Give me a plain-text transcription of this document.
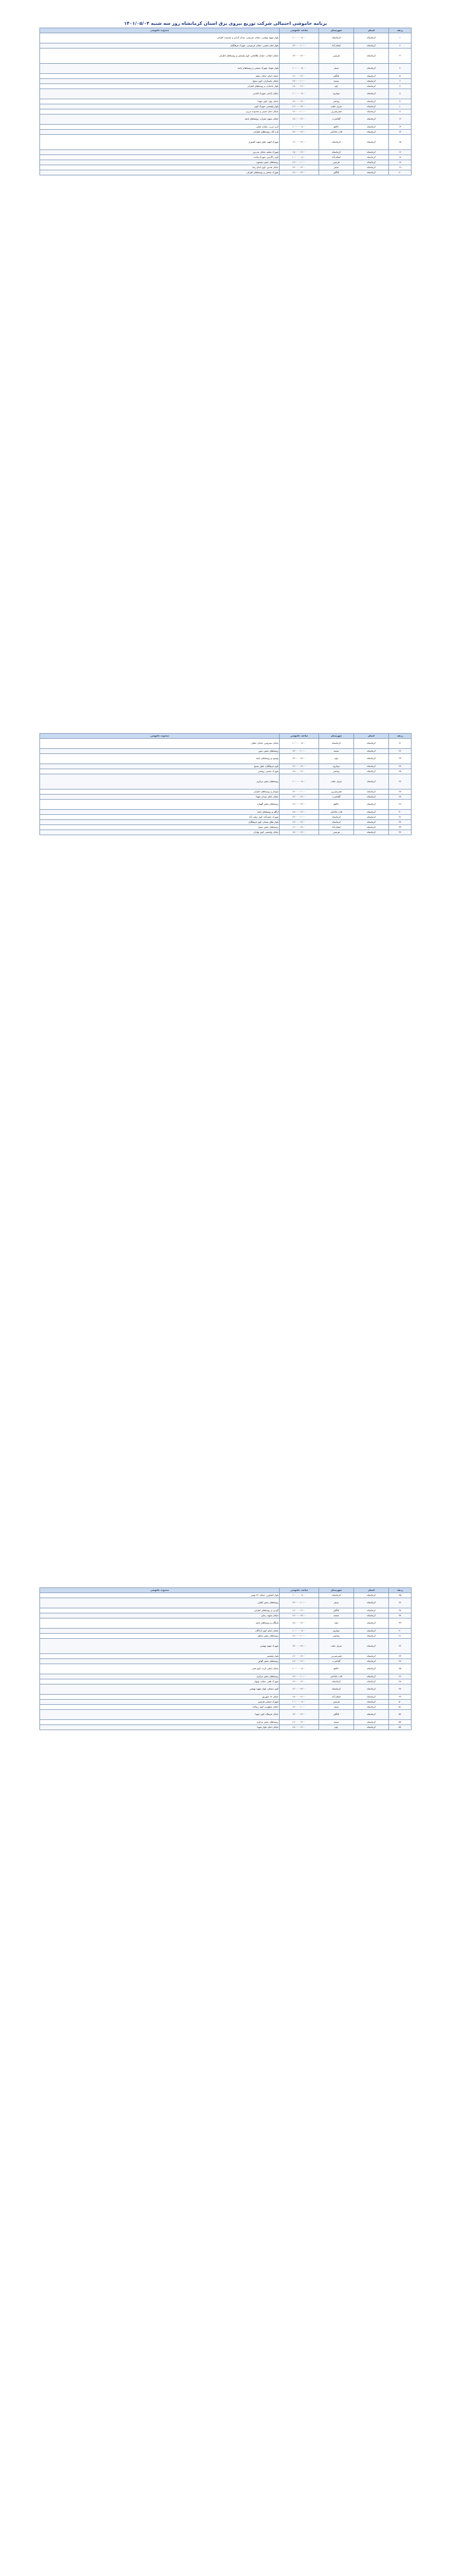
برنامه خاموشی احتمالی شرکت توزیع نیروی برق استان کرمانشاه روز سه شنبه ۱۴۰۱/۰۵/۰۴
ردیف	استان	شهرستان	ساعت خاموشی	محدوده خاموشی
۱	کرمانشاه	کرمانشاه	۰۸:۰۰ - ۱۰:۰۰	بلوار شهید بهشتی، خیابان شریعتی، میدان آزادی و محدوده اطراف
۲	کرمانشاه	اسلام آباد	۱۰:۰۰ - ۱۲:۰۰	بلوار امام خمینی، خیابان فردوسی، شهرک فرهنگیان
۳	کرمانشاه	هرسین	۱۲:۰۰ - ۱۴:۰۰	خیابان انقلاب، خیابان طالقانی، کوی ولیعصر و روستاهای اطراف
۴	کرمانشاه	سنقر	۰۸:۰۰ - ۱۰:۰۰	بلوار شهدا، شهرک صنعتی و روستاهای تابعه
۵	کرمانشاه	کنگاور	۱۴:۰۰ - ۱۶:۰۰	خیابان امام، خیابان معلم
۶	کرمانشاه	صحنه	۱۰:۰۰ - ۱۲:۰۰	خیابان پاسداران، کوی بسیج
۷	کرمانشاه	پاوه	۱۶:۰۰ - ۱۸:۰۰	بلوار جانبازان و روستاهای اطراف
۸	کرمانشاه	جوانرود	۰۸:۰۰ - ۱۰:۰۰	خیابان آزادی، شهرک الغدیر
۹	کرمانشاه	روانسر	۱۲:۰۰ - ۱۴:۰۰	خیابان بهار، کوی شهدا
۱۰	کرمانشاه	سرپل ذهاب	۱۴:۰۰ - ۱۶:۰۰	بلوار ولیعصر، شهرک کوثر
۱۱	کرمانشاه	قصرشیرین	۱۰:۰۰ - ۱۲:۰۰	خیابان امام خمینی و محدوده مرزی
۱۲	کرمانشاه	گیلانغرب	۱۶:۰۰ - ۱۸:۰۰	خیابان شهید چمران، روستاهای تابعه
۱۳	کرمانشاه	دالاهو	۰۸:۰۰ - ۱۰:۰۰	کرند غرب، خیابان اصلی
۱۴	کرمانشاه	ثلاث باباجانی	۱۲:۰۰ - ۱۴:۰۰	تازه آباد، روستاهای اطراف
۱۵	کرمانشاه	کرمانشاه	۱۴:۰۰ - ۱۶:۰۰	شهرک الهیه، بلوار شهید کشوری
۱۶	کرمانشاه	کرمانشاه	۱۶:۰۰ - ۱۸:۰۰	شهرک معلم، خیابان مدرس
۱۷	کرمانشاه	اسلام آباد	۰۸:۰۰ - ۱۰:۰۰	کوی زاگرس، شهرک ولایت
۱۸	کرمانشاه	هرسین	۱۰:۰۰ - ۱۲:۰۰	روستاهای بخش بیستون
۱۹	کرمانشاه	سنقر	۱۲:۰۰ - ۱۴:۰۰	خیابان قدس، کوی امام رضا
۲۰	کرمانشاه	کنگاور	۱۴:۰۰ - ۱۶:۰۰	شهرک صنعتی و روستاهای اطراف
ردیف	استان	شهرستان	ساعت خاموشی	محدوده خاموشی
۲۱	کرمانشاه	کرمانشاه	۰۸:۰۰ - ۱۰:۰۰	خیابان سیروس، خیابان جلیلی
۲۲	کرمانشاه	صحنه	۱۰:۰۰ - ۱۲:۰۰	روستاهای بخش دینور
۲۳	کرمانشاه	پاوه	۱۲:۰۰ - ۱۴:۰۰	نوسود و روستاهای تابعه
۲۴	کرمانشاه	جوانرود	۱۴:۰۰ - ۱۶:۰۰	کوی فرهنگیان، بلوار بسیج
۲۵	کرمانشاه	روانسر	۱۶:۰۰ - ۱۸:۰۰	شهرک صنعتی روانسر
۲۶	کرمانشاه	سرپل ذهاب	۰۸:۰۰ - ۱۰:۰۰	روستاهای بخش مرکزی
۲۷	کرمانشاه	قصرشیرین	۱۰:۰۰ - ۱۲:۰۰	سومار و روستاهای اطراف
۲۸	کرمانشاه	گیلانغرب	۱۲:۰۰ - ۱۴:۰۰	خیابان امام، میدان شهدا
۲۹	کرمانشاه	دالاهو	۱۴:۰۰ - ۱۶:۰۰	روستاهای بخش گهواره
۳۰	کرمانشاه	ثلاث باباجانی	۱۶:۰۰ - ۱۸:۰۰	ازگله و روستاهای تابعه
۳۱	کرمانشاه	کرمانشاه	۱۰:۰۰ - ۱۲:۰۰	شهرک جعفرآباد، کوی دولت آباد
۳۲	کرمانشاه	کرمانشاه	۱۲:۰۰ - ۱۴:۰۰	بلوار طاق بستان، کوی فرهنگیان
۳۳	کرمانشاه	اسلام آباد	۱۴:۰۰ - ۱۶:۰۰	روستاهای بخش حمیل
۳۴	کرمانشاه	هرسین	۱۶:۰۰ - ۱۸:۰۰	خیابان ولیعصر، کوی بهاران
ردیف	استان	شهرستان	ساعت خاموشی	محدوده خاموشی
۳۵	کرمانشاه	کرمانشاه	۰۸:۰۰ - ۱۰:۰۰	بلوار کشاورز، خیابان ۲۲ بهمن
۳۶	کرمانشاه	سنقر	۱۰:۰۰ - ۱۲:۰۰	روستاهای بخش کلیایی
۳۷	کرمانشاه	کنگاور	۱۲:۰۰ - ۱۴:۰۰	گودین و روستاهای اطراف
۳۸	کرمانشاه	صحنه	۱۴:۰۰ - ۱۶:۰۰	خیابان شهید رجایی
۳۹	کرمانشاه	پاوه	۱۶:۰۰ - ۱۸:۰۰	باینگان و روستاهای تابعه
۴۰	کرمانشاه	جوانرود	۰۸:۰۰ - ۱۰:۰۰	خیابان امام، کوی آزادگان
۴۱	کرمانشاه	روانسر	۱۰:۰۰ - ۱۲:۰۰	روستاهای بخش شاهو
۴۲	کرمانشاه	سرپل ذهاب	۱۲:۰۰ - ۱۴:۰۰	شهرک شهید بهشتی
۴۳	کرمانشاه	قصرشیرین	۱۴:۰۰ - ۱۶:۰۰	بلوار ولیعصر
۴۴	کرمانشاه	گیلانغرب	۱۶:۰۰ - ۱۸:۰۰	روستاهای بخش گواور
۴۵	کرمانشاه	دالاهو	۰۸:۰۰ - ۱۰:۰۰	خیابان اصلی کرند، کوی فجر
۴۶	کرمانشاه	ثلاث باباجانی	۱۰:۰۰ - ۱۲:۰۰	روستاهای بخش مرکزی
۴۷	کرمانشاه	کرمانشاه	۱۲:۰۰ - ۱۴:۰۰	شهرک ظفر، خیابان نوبهار
۴۸	کرمانشاه	کرمانشاه	۱۴:۰۰ - ۱۶:۰۰	کوی مسکن، بلوار شهید بهشتی
۴۹	کرمانشاه	اسلام آباد	۱۶:۰۰ - ۱۸:۰۰	خیابان ۱۷ شهریور
۵۰	کرمانشاه	هرسین	۰۸:۰۰ - ۱۰:۰۰	شهرک صنعتی هرسین
۵۱	کرمانشاه	سنقر	۱۰:۰۰ - ۱۲:۰۰	خیابان مطهری، کوی رسالت
۵۲	کرمانشاه	کنگاور	۱۲:۰۰ - ۱۴:۰۰	خیابان فرهنگ، کوی شهدا
۵۳	کرمانشاه	صحنه	۱۴:۰۰ - ۱۶:۰۰	روستاهای بخش مرکزی
۵۴	کرمانشاه	پاوه	۱۶:۰۰ - ۱۸:۰۰	خیابان امام، بلوار شهدا
